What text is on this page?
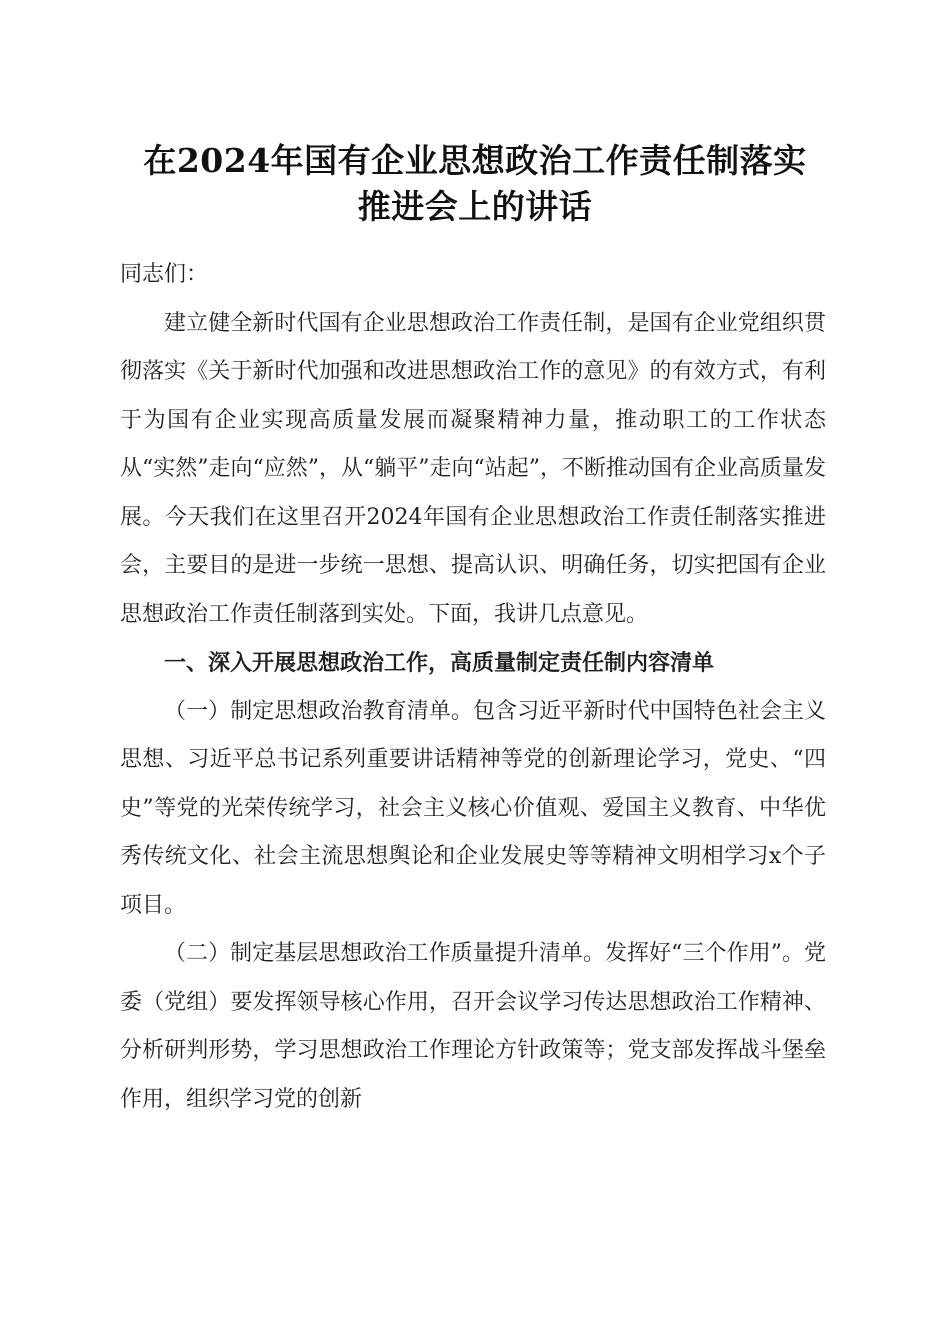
在2024年国有企业思想政治工作责任制落实
推进会上的讲话

同志们：

建立健全新时代国有企业思想政治工作责任制，是国有企业党组织贯彻落实《关于新时代加强和改进思想政治工作的意见》的有效方式，有利于为国有企业实现高质量发展而凝聚精神力量，推动职工的工作状态从“实然”走向“应然”，从“躺平”走向“站起”，不断推动国有企业高质量发展。今天我们在这里召开2024年国有企业思想政治工作责任制落实推进会，主要目的是进一步统一思想、提高认识、明确任务，切实把国有企业思想政治工作责任制落到实处。下面，我讲几点意见。

一、深入开展思想政治工作，高质量制定责任制内容清单

（一）制定思想政治教育清单。包含习近平新时代中国特色社会主义思想、习近平总书记系列重要讲话精神等党的创新理论学习，党史、“四史”等党的光荣传统学习，社会主义核心价值观、爱国主义教育、中华优秀传统文化、社会主流思想舆论和企业发展史等等精神文明相学习x个子项目。

（二）制定基层思想政治工作质量提升清单。发挥好“三个作用”。党委（党组）要发挥领导核心作用，召开会议学习传达思想政治工作精神、分析研判形势，学习思想政治工作理论方针政策等；党支部发挥战斗堡垒作用，组织学习党的创新
